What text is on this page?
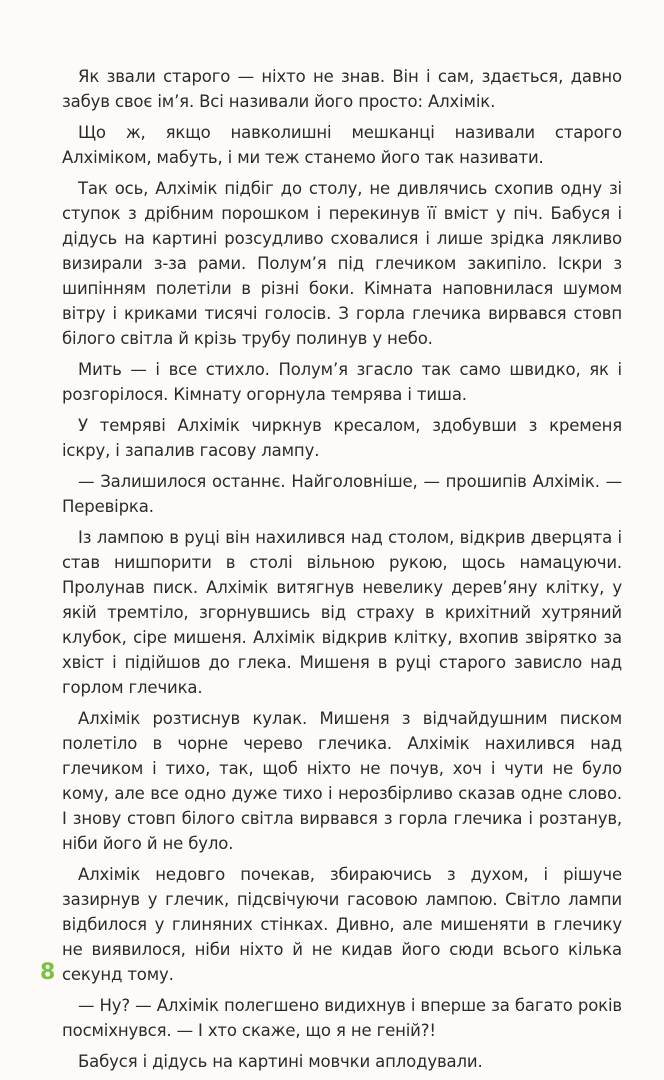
Як звали старого — ніхто не знав. Він і сам, здається, давно забув своє ім’я. Всі називали його просто: Алхімік.

Що ж, якщо навколишні мешканці називали старого Алхіміком, мабуть, і ми теж станемо його так називати.

Так ось, Алхімік підбіг до столу, не дивлячись схопив одну зі ступок з дрібним порошком і перекинув її вміст у піч. Бабуся і дідусь на картині розсудливо сховалися і лише зрідка лякливо визирали з-за рами. Полум’я під глечиком закипіло. Іскри з шипінням полетіли в різні боки. Кімната наповнилася шумом вітру і криками тисячі голосів. З горла глечика вирвався стовп білого світла й крізь трубу полинув у небо.

Мить — і все стихло. Полум’я згасло так само швидко, як і розгорілося. Кімнату огорнула темрява і тиша.

У темряві Алхімік чиркнув кресалом, здобувши з кременя іскру, і запалив гасову лампу.

— Залишилося останнє. Найголовніше, — прошипів Алхімік. — Перевірка.

Із лампою в руці він нахилився над столом, відкрив дверцята і став нишпорити в столі вільною рукою, щось намацуючи. Пролунав писк. Алхімік витягнув невелику дерев’яну клітку, у якій тремтіло, згорнувшись від страху в крихітний хутряний клубок, сіре мишеня. Алхімік відкрив клітку, вхопив звірятко за хвіст і підійшов до глека. Мишеня в руці старого зависло над горлом глечика.

Алхімік розтиснув кулак. Мишеня з відчайдушним писком полетіло в чорне черево глечика. Алхімік нахилився над глечиком і тихо, так, щоб ніхто не почув, хоч і чути не було кому, але все одно дуже тихо і нерозбірливо сказав одне слово. І знову стовп білого світла вирвався з горла глечика і розтанув, ніби його й не було.

Алхімік недовго почекав, збираючись з духом, і рішуче зазирнув у глечик, підсвічуючи гасовою лампою. Світло лампи відбилося у глиняних стінках. Дивно, але мишеняти в глечику не виявилося, ніби ніхто й не кидав його сюди всього кілька секунд тому.

— Ну? — Алхімік полегшено видихнув і вперше за багато років посміхнувся. — І хто скаже, що я не геній?!

Бабуся і дідусь на картині мовчки аплодували.

8
